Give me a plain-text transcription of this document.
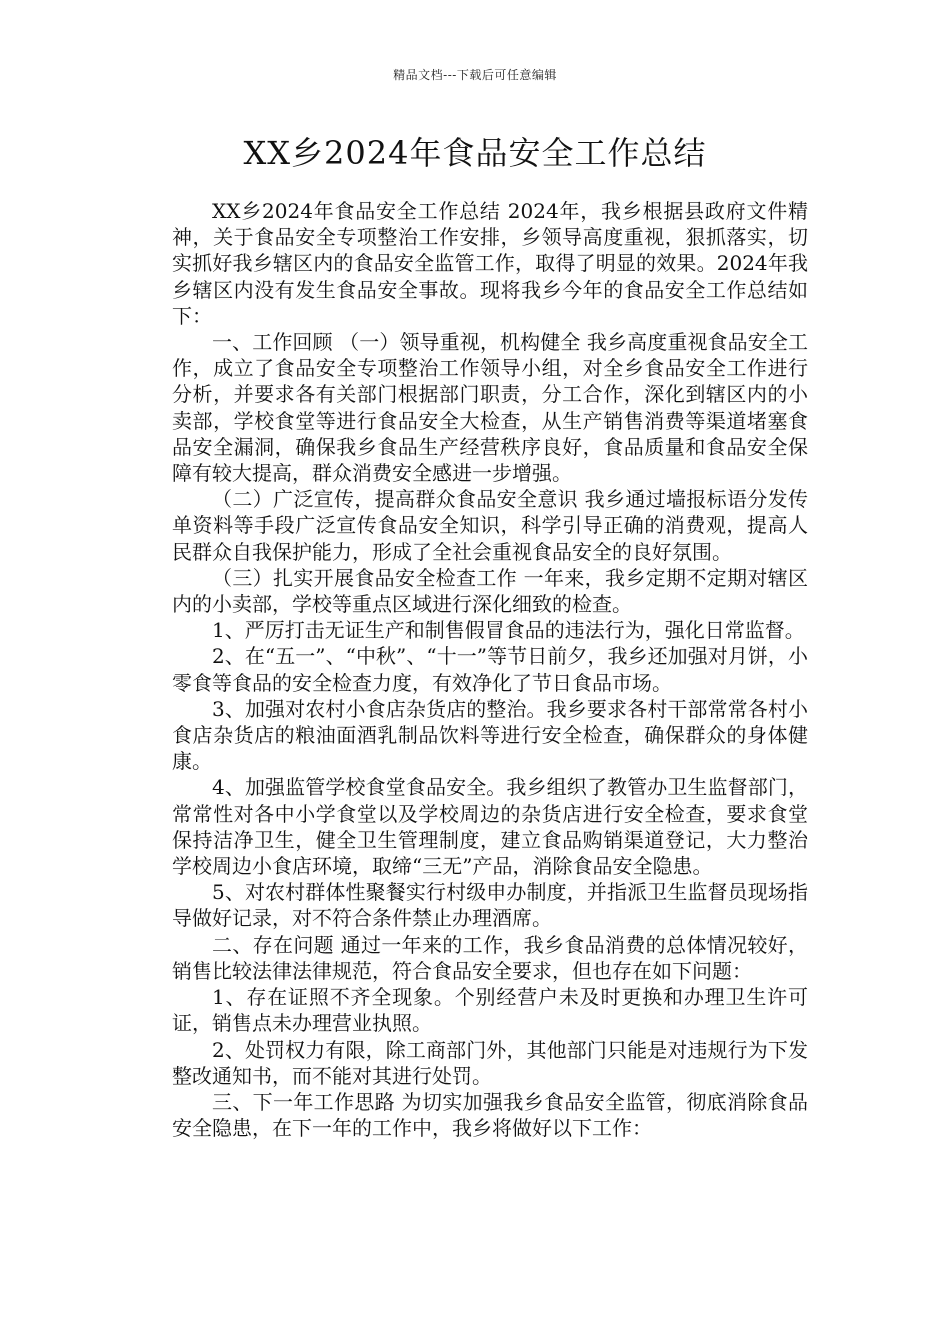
精品文档---下载后可任意编辑
XX乡2024年食品安全工作总结

XX乡2024年食品安全工作总结 2024年，我乡根据县政府文件精神，关于食品安全专项整治工作安排，乡领导高度重视，狠抓落实，切实抓好我乡辖区内的食品安全监管工作，取得了明显的效果。2024年我乡辖区内没有发生食品安全事故。现将我乡今年的食品安全工作总结如下：

一、工作回顾 （一）领导重视，机构健全 我乡高度重视食品安全工作，成立了食品安全专项整治工作领导小组，对全乡食品安全工作进行分析，并要求各有关部门根据部门职责，分工合作，深化到辖区内的小卖部，学校食堂等进行食品安全大检查，从生产销售消费等渠道堵塞食品安全漏洞，确保我乡食品生产经营秩序良好，食品质量和食品安全保障有较大提高，群众消费安全感进一步增强。

（二）广泛宣传，提高群众食品安全意识 我乡通过墙报标语分发传单资料等手段广泛宣传食品安全知识，科学引导正确的消费观，提高人民群众自我保护能力，形成了全社会重视食品安全的良好氛围。

（三）扎实开展食品安全检查工作 一年来，我乡定期不定期对辖区内的小卖部，学校等重点区域进行深化细致的检查。

1、严厉打击无证生产和制售假冒食品的违法行为，强化日常监督。

2、在“五一”、“中秋”、“十一”等节日前夕，我乡还加强对月饼，小零食等食品的安全检查力度，有效净化了节日食品市场。

3、加强对农村小食店杂货店的整治。我乡要求各村干部常常各村小食店杂货店的粮油面酒乳制品饮料等进行安全检查，确保群众的身体健康。

4、加强监管学校食堂食品安全。我乡组织了教管办卫生监督部门，常常性对各中小学食堂以及学校周边的杂货店进行安全检查，要求食堂保持洁净卫生，健全卫生管理制度，建立食品购销渠道登记，大力整治学校周边小食店环境，取缔“三无”产品，消除食品安全隐患。

5、对农村群体性聚餐实行村级申办制度，并指派卫生监督员现场指导做好记录，对不符合条件禁止办理酒席。

二、存在问题 通过一年来的工作，我乡食品消费的总体情况较好，销售比较法律法律规范，符合食品安全要求，但也存在如下问题：

1、存在证照不齐全现象。个别经营户未及时更换和办理卫生许可证，销售点未办理营业执照。

2、处罚权力有限，除工商部门外，其他部门只能是对违规行为下发整改通知书，而不能对其进行处罚。

三、下一年工作思路 为切实加强我乡食品安全监管，彻底消除食品安全隐患，在下一年的工作中，我乡将做好以下工作：
